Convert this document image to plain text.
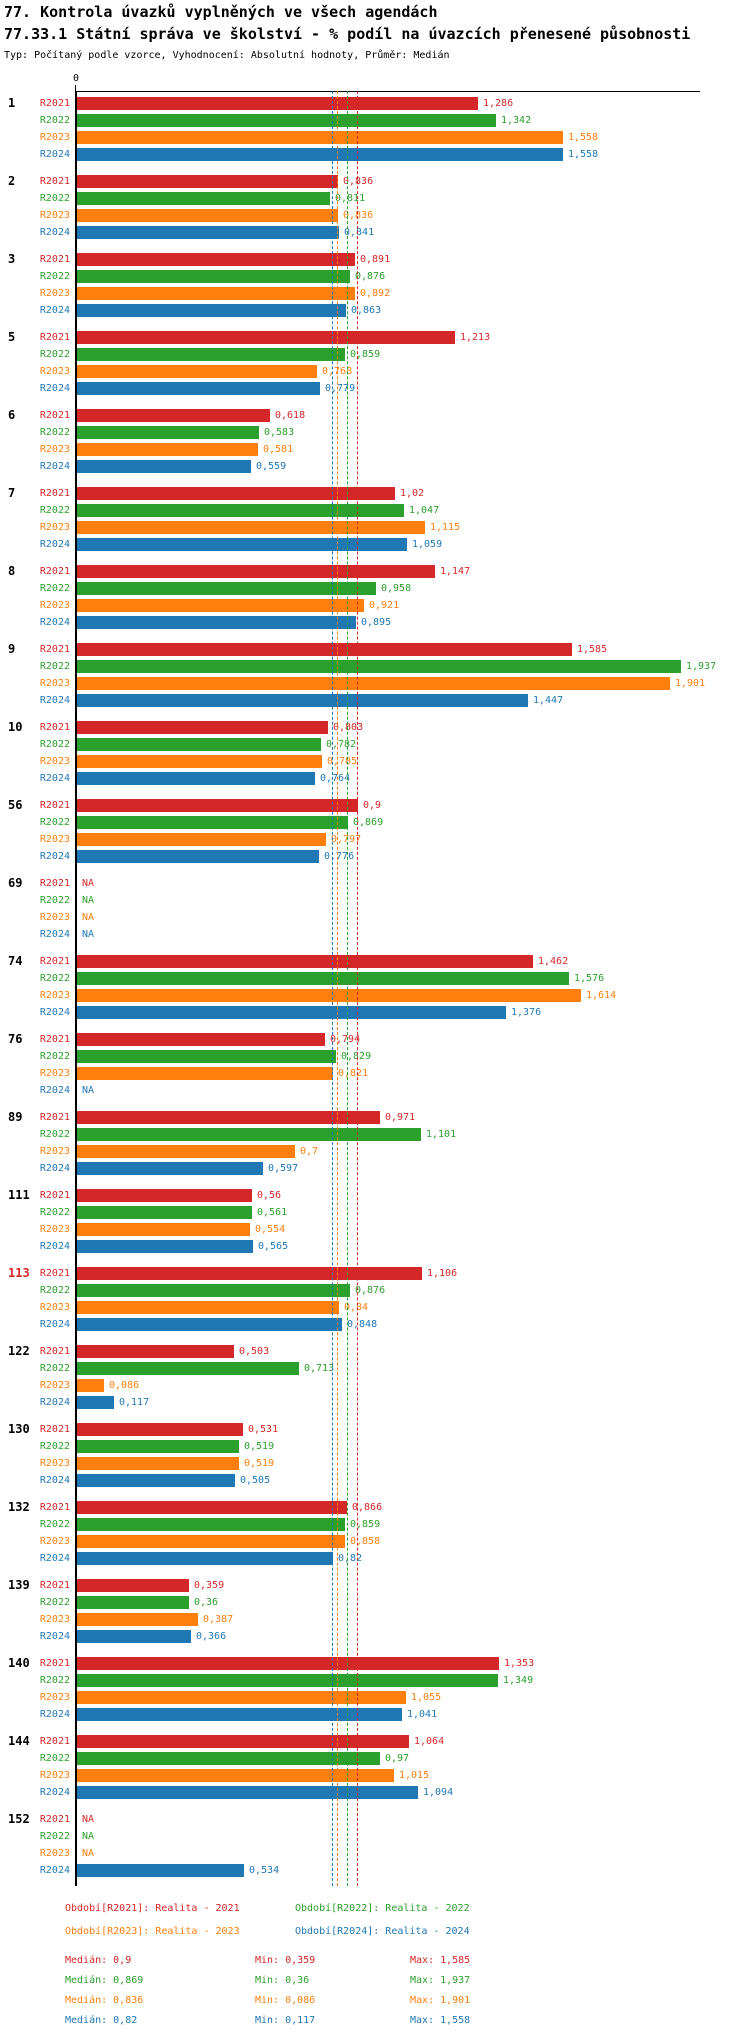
77. Kontrola úvazků vyplněných ve všech agendách
77.33.1 Státní správa ve školství - % podíl na úvazcích přenesené působnosti
Typ: Počítaný podle vzorce, Vyhodnocení: Absolutní hodnoty, Průměr: Medián
0
1	R2021	1,286
R2022	1,342
R2023	1,558
R2024	1,558
2	R2021	0,836
R2022	0,811
R2023	0,836
R2024	0,841
3	R2021	0,891
R2022	0,876
R2023	0,892
R2024	0,863
5	R2021	1,213
R2022	0,859
R2023	0,768
R2024	0,779
6	R2021	0,618
R2022	0,583
R2023	0,581
R2024	0,559
7	R2021	1,02
R2022	1,047
R2023	1,115
R2024	1,059
8	R2021	1,147
R2022	0,958
R2023	0,921
R2024	0,895
9	R2021	1,585
R2022	1,937
R2023	1,901
R2024	1,447
10	R2021	0,803
R2022	0,782
R2023	0,785
R2024	0,764
56	R2021	0,9
R2022	0,869
R2023	0,797
R2024	0,776
69	R2021 NA
R2022 NA
R2023 NA
R2024 NA
74	R2021	1,462
R2022	1,576
R2023	1,614
R2024	1,376
76	R2021	0,794
R2022	0,829
R2023	0,821
R2024 NA
89	R2021	0,971
R2022	1,101
R2023	0,7
R2024	0,597
111	R2021	0,56
R2022	0,561
R2023	0,554
R2024	0,565
113	R2021	1,106
R2022	0,876
R2023	0,84
R2024	0,848
122	R2021	0,503
R2022	0,713
R2023	0,086
R2024	0,117
130	R2021	0,531
R2022	0,519
R2023	0,519
R2024	0,505
132	R2021	0,866
R2022	0,859
R2023	0,858
R2024	0,82
139	R2021	0,359
R2022	0,36
R2023	0,387
R2024	0,366
140	R2021	1,353
R2022	1,349
R2023	1,055
R2024	1,041
144	R2021	1,064
R2022	0,97
R2023	1,015
R2024	1,094
152	R2021 NA
R2022 NA
R2023 NA
R2024	0,534
Období[R2021]: Realita - 2021	Období[R2022]: Realita - 2022
Období[R2023]: Realita - 2023	Období[R2024]: Realita - 2024
Medián: 0,9	Min: 0,359	Max: 1,585
Medián: 0,869	Min: 0,36	Max: 1,937
Medián: 0,836	Min: 0,086	Max: 1,901
Medián: 0,82	Min: 0,117	Max: 1,558
